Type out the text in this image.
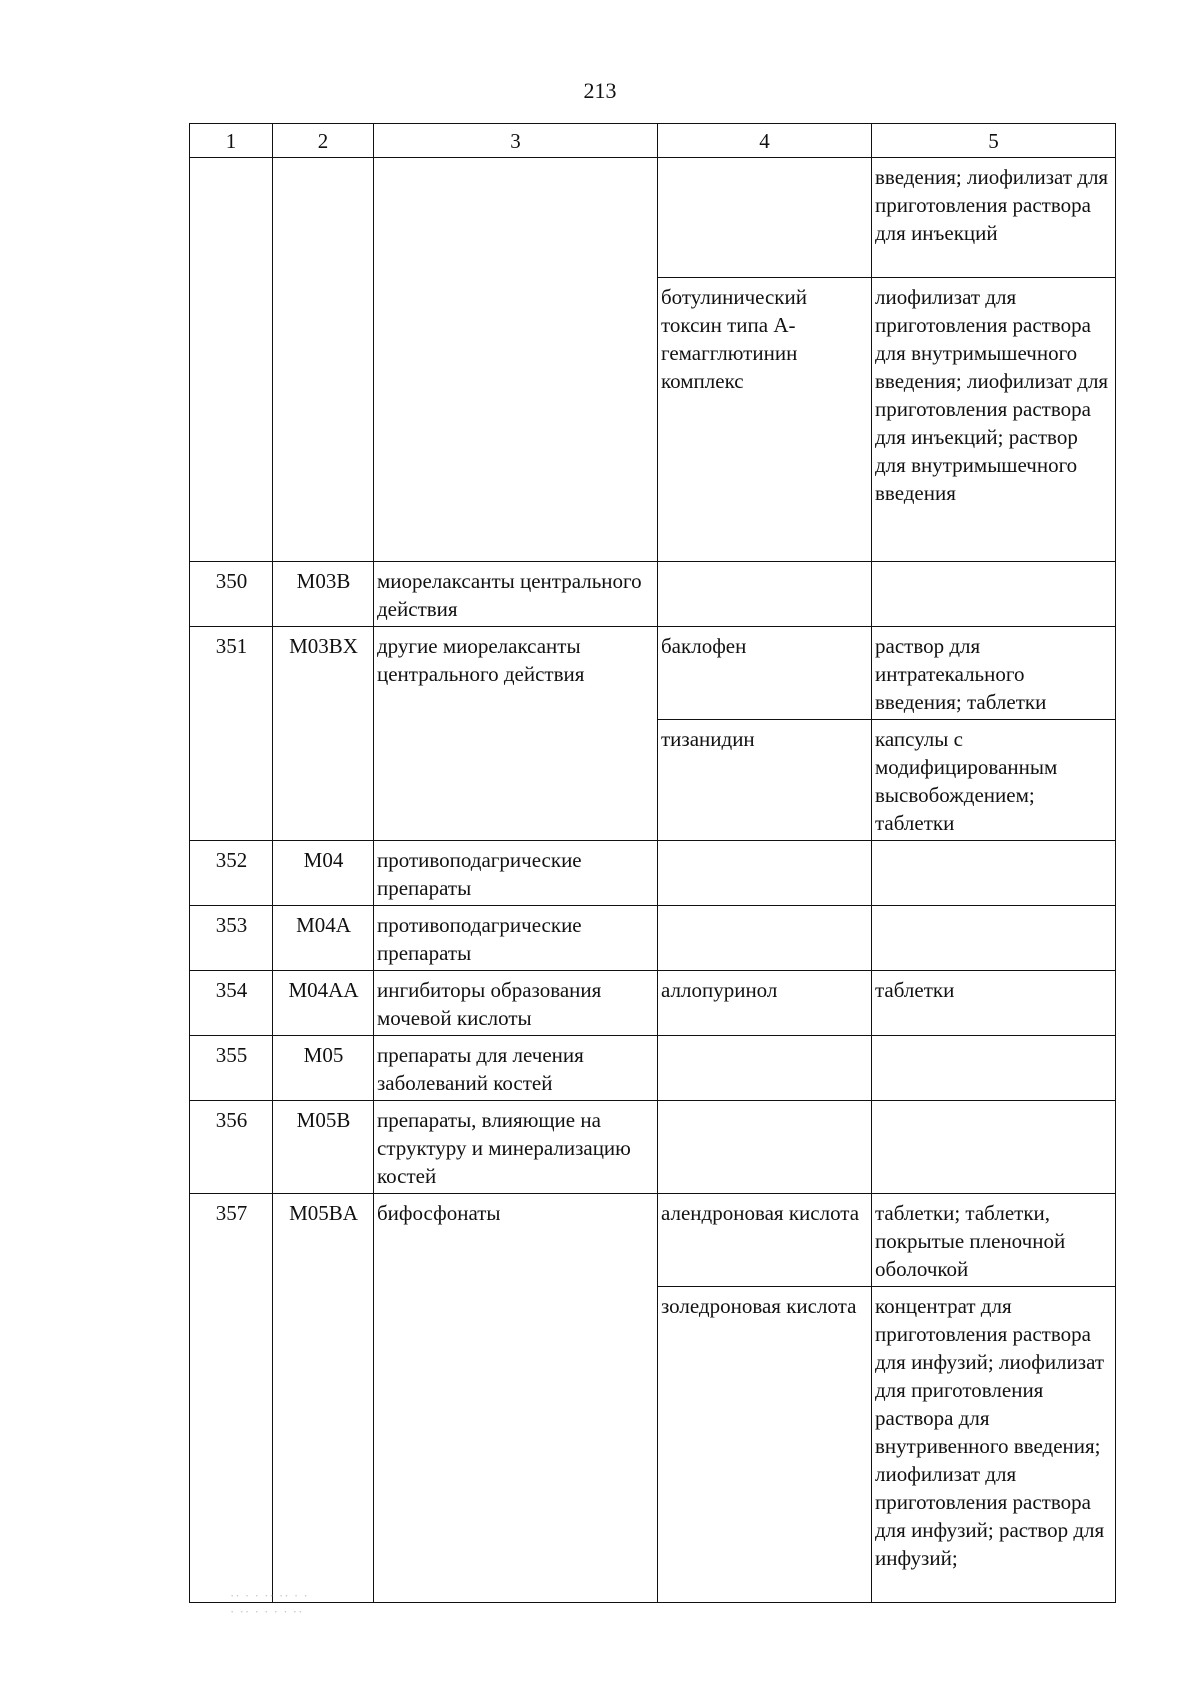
213
1	2	3	4	5
				введения; лиофилизат для приготовления раствора для инъекций
			ботулинический токсин типа А-гемагглютинин комплекс	лиофилизат для приготовления раствора для внутримышечного введения; лиофилизат для приготовления раствора для инъекций; раствор для внутримышечного введения
350	M03B	миорелаксанты центрального действия		
351	M03BX	другие миорелаксанты центрального действия	баклофен	раствор для интратекального введения; таблетки
			тизанидин	капсулы с модифицированным высвобождением; таблетки
352	M04	противоподагрические препараты		
353	M04A	противоподагрические препараты		
354	M04AA	ингибиторы образования мочевой кислоты	аллопуринол	таблетки
355	M05	препараты для лечения заболеваний костей		
356	M05B	препараты, влияющие на структуру и минерализацию костей		
357	M05BA	бифосфонаты	алендроновая кислота	таблетки; таблетки, покрытые пленочной оболочкой
			золедроновая кислота	концентрат для приготовления раствора для инфузий; лиофилизат для приготовления раствора для внутривенного введения; лиофилизат для приготовления раствора для инфузий; раствор для инфузий;
·· · · ·· ·· · ·
· ·· · · · · ··
